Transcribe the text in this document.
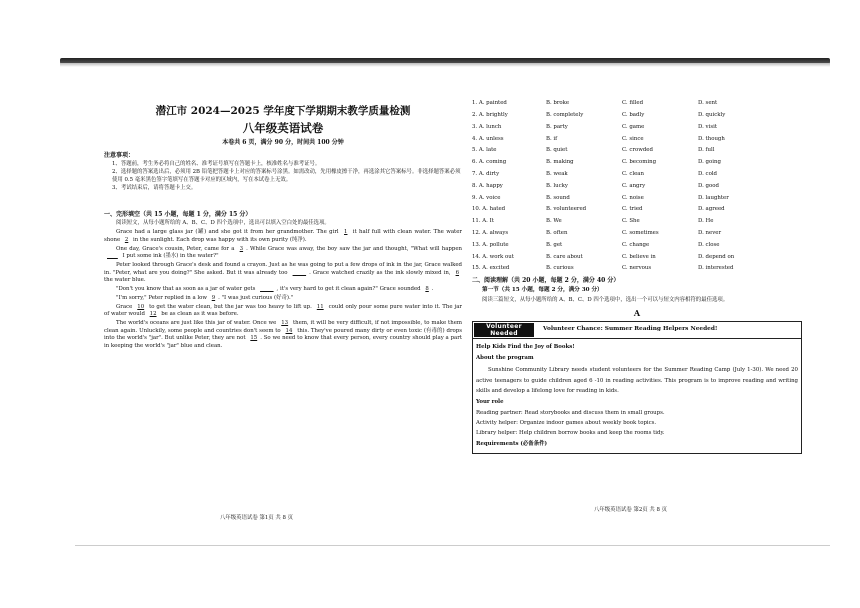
潜江市 2024—2025 学年度下学期期末教学质量检测
八年级英语试卷
本卷共 6 页，满分 90 分，时间共 100 分钟
注意事项：
1、答题前，考生务必将自己的姓名、准考证号填写在答题卡上，核准姓名与准考证号。
2、选择题的答案选出后，必须用 2B 铅笔把答题卡上对应的答案标号涂黑。如需改动，先用橡皮擦干净，再选涂其它答案标号。非选择题答案必须使用 0.5 毫米黑色签字笔填写在答题卡对应的区域内，写在本试卷上无效。
3、考试结束后，请将答题卡上交。
一、完形填空（共 15 小题，每题 1 分，满分 15 分）

阅读短文，从每小题所给的 A、B、C、D 四个选项中，选出可以填入空白处的最佳选项。

Grace had a large glass jar (罐) and she got it from her grandmother. The girl 1 it half full with clean water. The water shone 2 in the sunlight. Each drop was happy with its own purity (纯净).

One day, Grace's cousin, Peter, came for a 3 . While Grace was away, the boy saw the jar and thought, "What will happen ____ I put some ink (墨水) in the water?"

Peter looked through Grace's desk and found a crayon. Just as he was going to put a few drops of ink in the jar, Grace walked in. "Peter, what are you doing?" She asked. But it was already too _____ . Grace watched crazily as the ink slowly mixed in, 6 the water blue.

"Don't you know that as soon as a jar of water gets _____ , it's very hard to get it clean again?" Grace sounded 8 .

"I'm sorry," Peter replied in a low 9 . "I was just curious (好奇)."

Grace 10 to get the water clean, but the jar was too heavy to lift up. 11 could only pour some pure water into it. The jar of water would 12 be as clean as it was before.

The world's oceans are just like this jar of water. Once we 13 them, it will be very difficult, if not impossible, to make them clean again. Unluckily, some people and countries don't seem to 14 this. They've poured many dirty or even toxic (有毒的) drops into the world's "jar". But unlike Peter, they are not 15 . So we need to know that every person, every country should play a part in keeping the world's "jar" blue and clean.

八年级英语试卷 第1页 共 8 页
1. A. painted	B. broke	C. filled	D. sent
2. A. brightly	B. completely	C. badly	D. quickly
3. A. lunch	B. party	C. game	D. visit
4. A. unless	B. if	C. since	D. though
5. A. late	B. quiet	C. crowded	D. full
6. A. coming	B. making	C. becoming	D. going
7. A. dirty	B. weak	C. clean	D. cold
8. A. happy	B. lucky	C. angry	D. good
9. A. voice	B. sound	C. noise	D. laughter
10. A. hated	B. volunteered	C. tried	D. agreed
11. A. It	B. We	C. She	D. He
12. A. always	B. often	C. sometimes	D. never
13. A. pollute	B. get	C. change	D. close
14. A. work out	B. care about	C. believe in	D. depend on
15. A. excited	B. curious	C. nervous	D. interested
二、阅读理解（共 20 小题，每题 2 分，满分 40 分）
第一节（共 15 小题，每题 2 分，满分 30 分）
阅读三篇短文，从每小题所给的 A、B、C、D 四个选项中，选出一个可以与短文内容相符的最佳选项。
A
Volunteer
Needed
Volunteer Chance: Summer Reading Helpers Needed!
Help Kids Find the Joy of Books!
About the program

Sunshine Community Library needs student volunteers for the Summer Reading Camp (July 1-30). We need 20 active teenagers to guide children aged 6 -10 in reading activities. This program is to improve reading and writing skills and develop a lifelong love for reading in kids.

Your role
Reading partner: Read storybooks and discuss them in small groups.
Activity helper: Organize indoor games about weekly book topics.
Library helper: Help children borrow books and keep the rooms tidy.
Requirements (必备条件)
八年级英语试卷 第2页 共 8 页
